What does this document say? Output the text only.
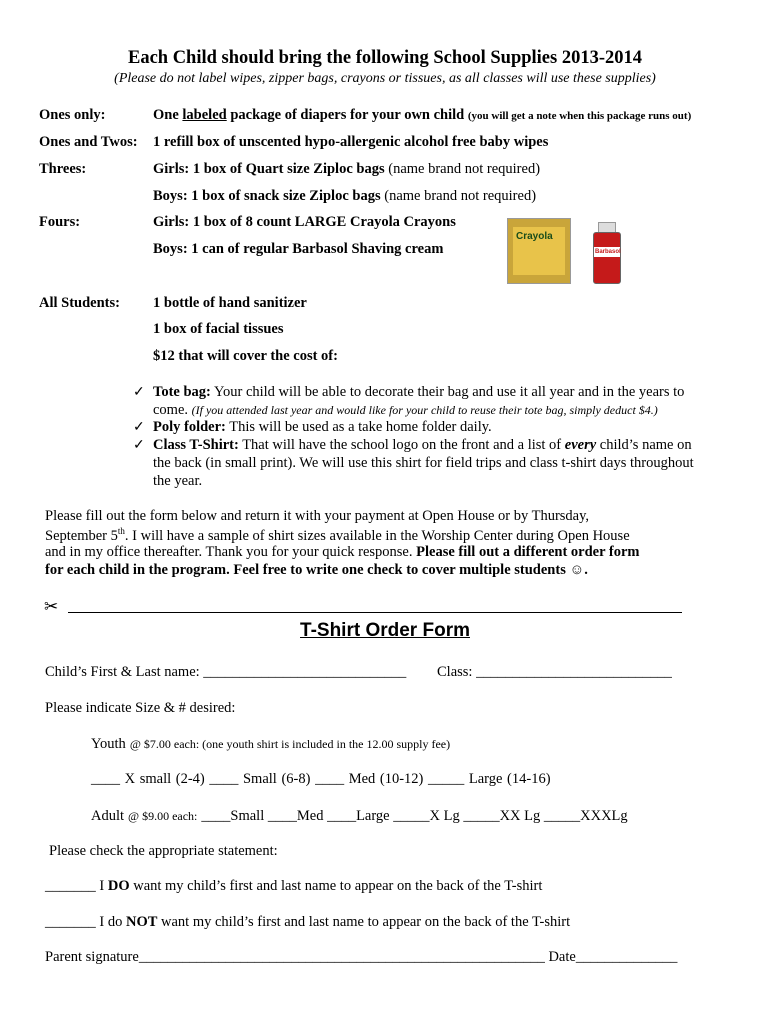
Each Child should bring the following School Supplies 2013-2014
(Please do not label wipes, zipper bags, crayons or tissues, as all classes will use these supplies)
Ones only:	One labeled package of diapers for your own child (you will get a note when this package runs out)
Ones and Twos: 1 refill box of unscented hypo-allergenic alcohol free baby wipes
Threes:	Girls: 1 box of Quart size Ziploc bags (name brand not required)
Boys: 1 box of snack size Ziploc bags (name brand not required)
Fours:	Girls: 1 box of 8 count LARGE Crayola Crayons
Boys: 1 can of regular Barbasol Shaving cream
Crayola
Barbasol
All Students: 1 bottle of hand sanitizer
1 box of facial tissues
$12 that will cover the cost of:
✓ Tote bag: Your child will be able to decorate their bag and use it all year and in the years to
come. (If you attended last year and would like for your child to reuse their tote bag, simply deduct $4.)
✓ Poly folder: This will be used as a take home folder daily.
✓ Class T-Shirt: That will have the school logo on the front and a list of every child’s name on
the back (in small print). We will use this shirt for field trips and class t-shirt days throughout
the year.
Please fill out the form below and return it with your payment at Open House or by Thursday,
September 5th. I will have a sample of shirt sizes available in the Worship Center during Open House
and in my office thereafter. Thank you for your quick response. Please fill out a different order form
for each child in the program. Feel free to write one check to cover multiple students ☺.
✂
T-Shirt Order Form
Child’s First & Last name: ____________________________ Class: ___________________________
Please indicate Size & # desired:
Youth @ $7.00 each: (one youth shirt is included in the 12.00 supply fee)
____ X small (2-4) ____ Small (6-8) ____ Med (10-12) _____ Large (14-16)
Adult @ $9.00 each: ____Small ____Med ____Large _____X Lg _____XX Lg _____XXXLg
Please check the appropriate statement:
_______ I DO want my child’s first and last name to appear on the back of the T-shirt
_______ I do NOT want my child’s first and last name to appear on the back of the T-shirt
Parent signature________________________________________________________ Date______________
